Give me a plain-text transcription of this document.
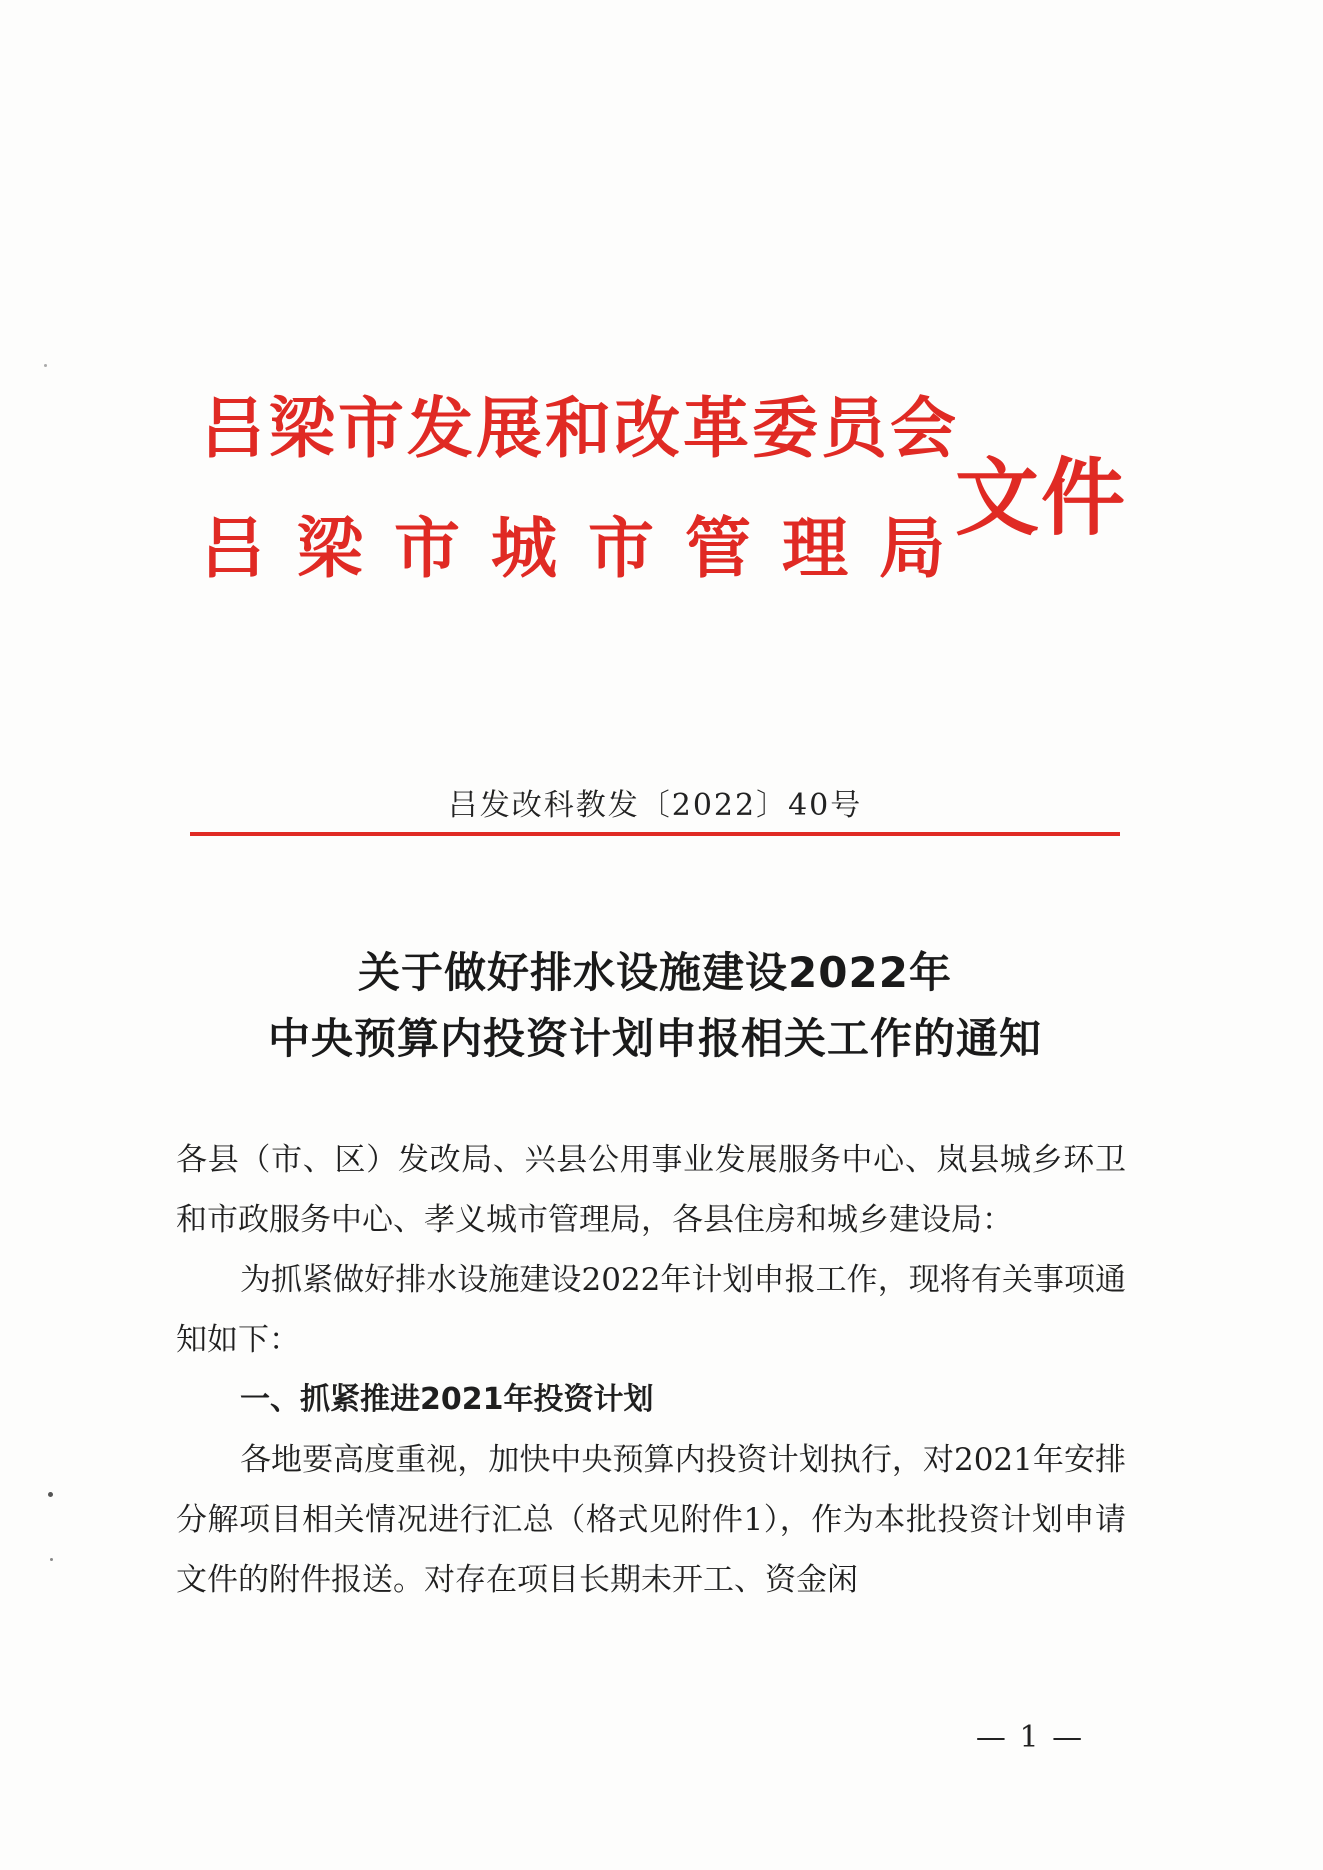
吕梁市发展和改革委员会
吕梁市城市管理局
文件
吕发改科教发〔2022〕40号
关于做好排水设施建设2022年
中央预算内投资计划申报相关工作的通知

各县（市、区）发改局、兴县公用事业发展服务中心、岚县城乡环卫和市政服务中心、孝义城市管理局，各县住房和城乡建设局：

为抓紧做好排水设施建设2022年计划申报工作，现将有关事项通知如下：

一、抓紧推进2021年投资计划

各地要高度重视，加快中央预算内投资计划执行，对2021年安排分解项目相关情况进行汇总（格式见附件1），作为本批投资计划申请文件的附件报送。对存在项目长期未开工、资金闲

— 1 —
